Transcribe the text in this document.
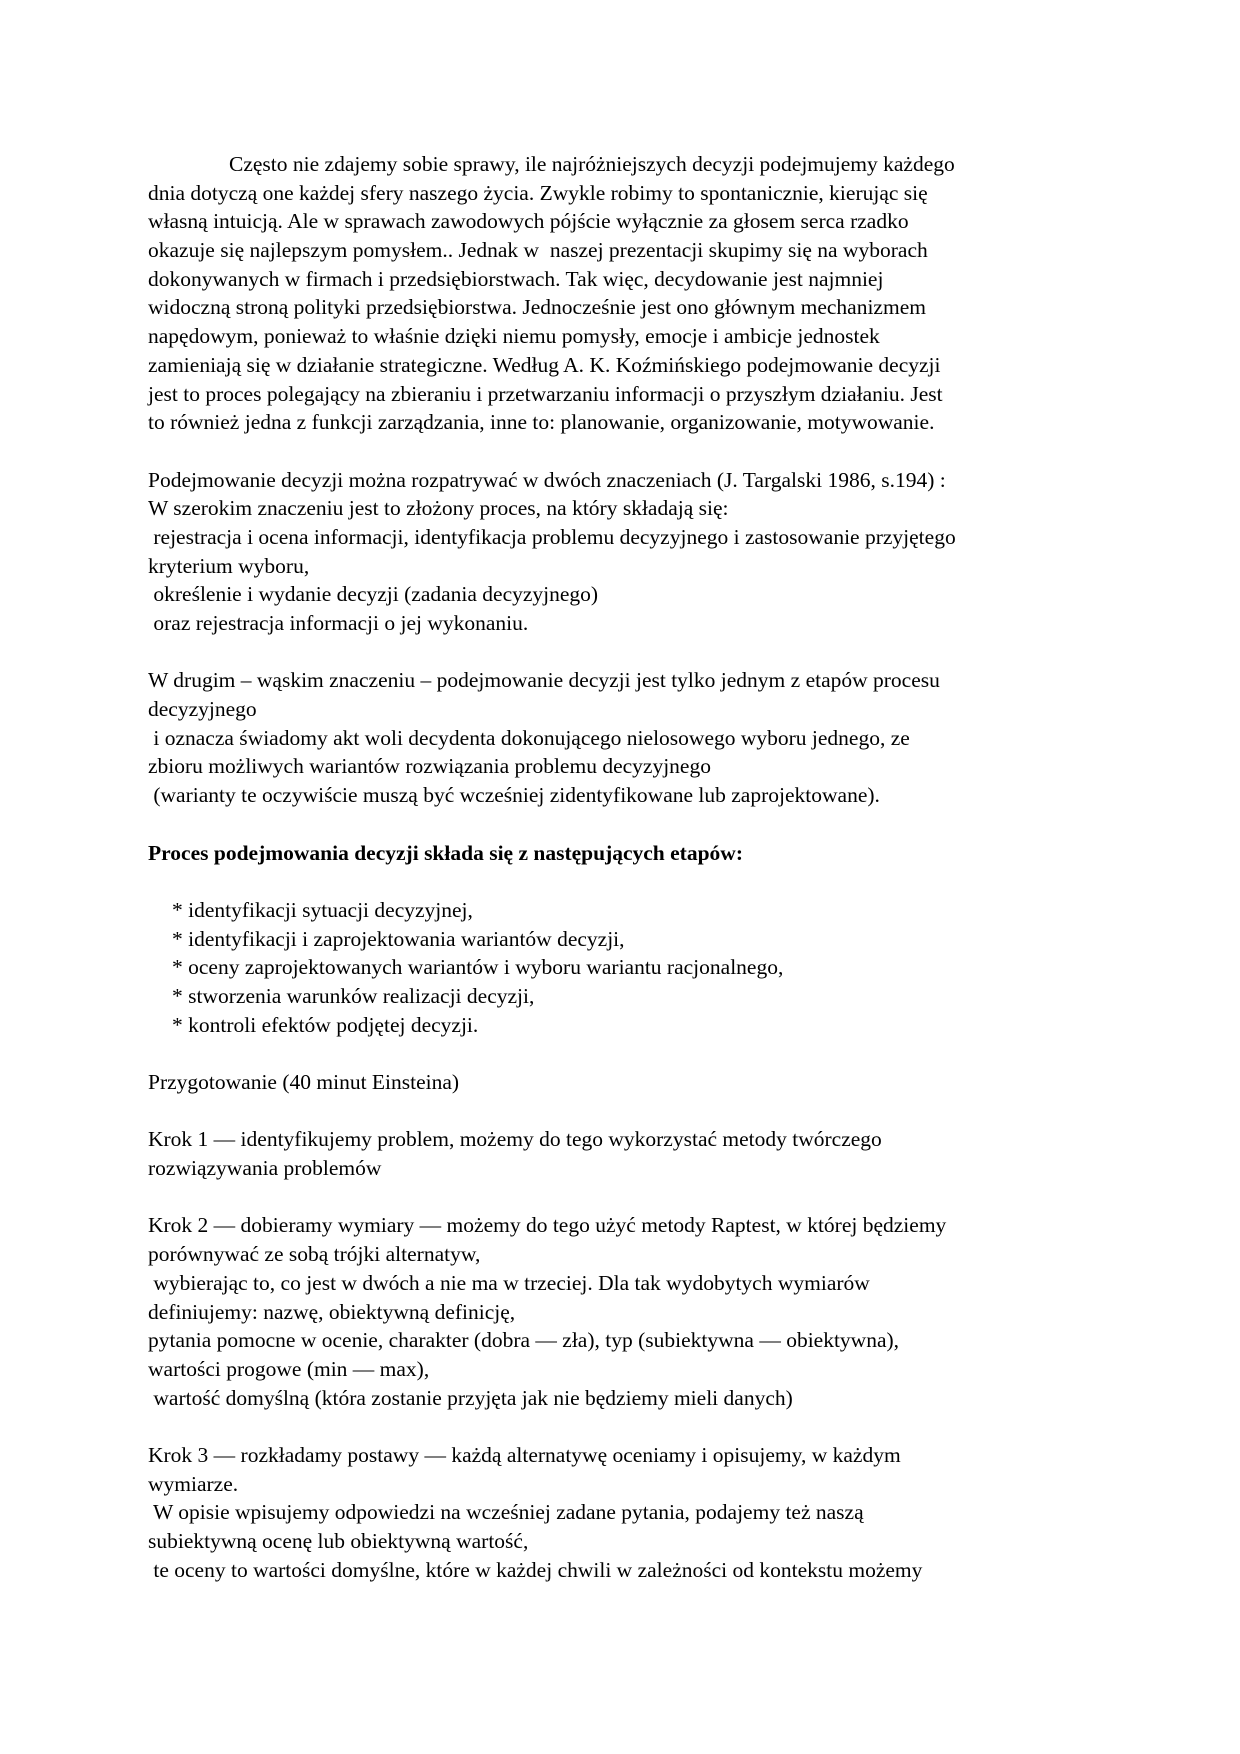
Często nie zdajemy sobie sprawy, ile najróżniejszych decyzji podejmujemy każdego
dnia dotyczą one każdej sfery naszego życia. Zwykle robimy to spontanicznie, kierując się
własną intuicją. Ale w sprawach zawodowych pójście wyłącznie za głosem serca rzadko
okazuje się najlepszym pomysłem.. Jednak w  naszej prezentacji skupimy się na wyborach
dokonywanych w firmach i przedsiębiorstwach. Tak więc, decydowanie jest najmniej
widoczną stroną polityki przedsiębiorstwa. Jednocześnie jest ono głównym mechanizmem
napędowym, ponieważ to właśnie dzięki niemu pomysły, emocje i ambicje jednostek
zamieniają się w działanie strategiczne. Według A. K. Koźmińskiego podejmowanie decyzji
jest to proces polegający na zbieraniu i przetwarzaniu informacji o przyszłym działaniu. Jest
to również jedna z funkcji zarządzania, inne to: planowanie, organizowanie, motywowanie.
Podejmowanie decyzji można rozpatrywać w dwóch znaczeniach (J. Targalski 1986, s.194) :
W szerokim znaczeniu jest to złożony proces, na który składają się:
rejestracja i ocena informacji, identyfikacja problemu decyzyjnego i zastosowanie przyjętego
kryterium wyboru,
określenie i wydanie decyzji (zadania decyzyjnego)
oraz rejestracja informacji o jej wykonaniu.
W drugim – wąskim znaczeniu – podejmowanie decyzji jest tylko jednym z etapów procesu
decyzyjnego
i oznacza świadomy akt woli decydenta dokonującego nielosowego wyboru jednego, ze
zbioru możliwych wariantów rozwiązania problemu decyzyjnego
(warianty te oczywiście muszą być wcześniej zidentyfikowane lub zaprojektowane).
Proces podejmowania decyzji składa się z następujących etapów:
* identyfikacji sytuacji decyzyjnej,
* identyfikacji i zaprojektowania wariantów decyzji,
* oceny zaprojektowanych wariantów i wyboru wariantu racjonalnego,
* stworzenia warunków realizacji decyzji,
* kontroli efektów podjętej decyzji.
Przygotowanie (40 minut Einsteina)
Krok 1 — identyfikujemy problem, możemy do tego wykorzystać metody twórczego
rozwiązywania problemów
Krok 2 — dobieramy wymiary — możemy do tego użyć metody Raptest, w której będziemy
porównywać ze sobą trójki alternatyw,
wybierając to, co jest w dwóch a nie ma w trzeciej. Dla tak wydobytych wymiarów
definiujemy: nazwę, obiektywną definicję,
pytania pomocne w ocenie, charakter (dobra — zła), typ (subiektywna — obiektywna),
wartości progowe (min — max),
wartość domyślną (która zostanie przyjęta jak nie będziemy mieli danych)
Krok 3 — rozkładamy postawy — każdą alternatywę oceniamy i opisujemy, w każdym
wymiarze.
W opisie wpisujemy odpowiedzi na wcześniej zadane pytania, podajemy też naszą
subiektywną ocenę lub obiektywną wartość,
te oceny to wartości domyślne, które w każdej chwili w zależności od kontekstu możemy
